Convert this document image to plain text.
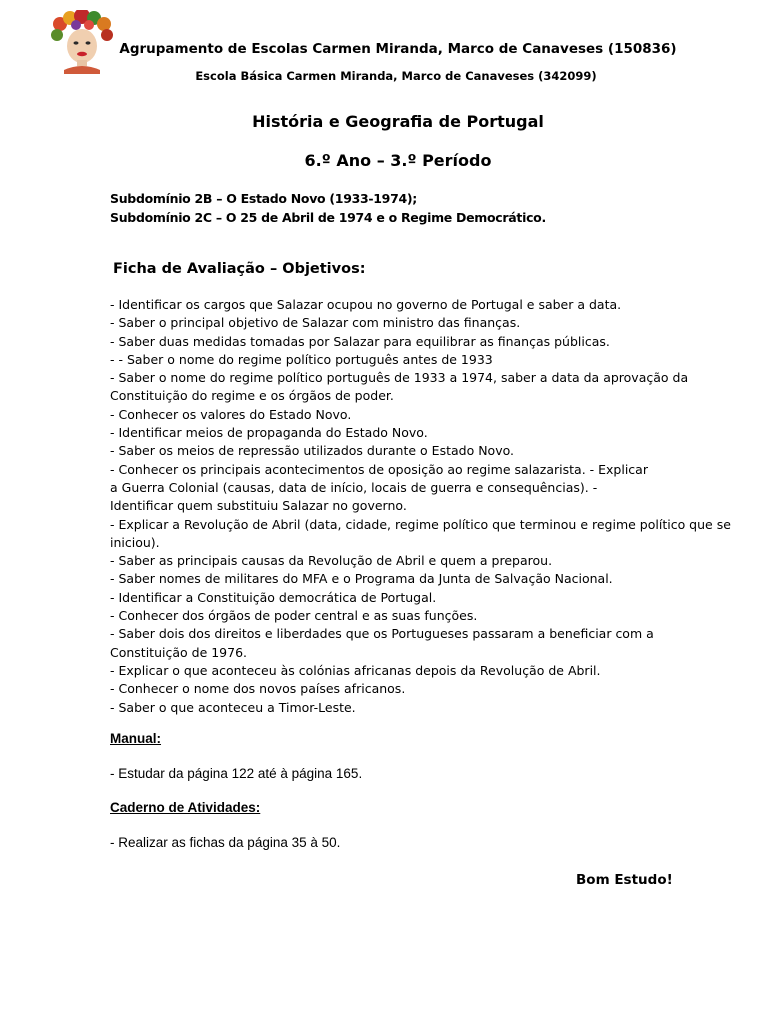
Agrupamento de Escolas Carmen Miranda, Marco de Canaveses (150836)
Escola Básica Carmen Miranda, Marco de Canaveses (342099)
História e Geografia de Portugal
6.º Ano – 3.º Período
Subdomínio 2B – O Estado Novo (1933-1974);
Subdomínio 2C – O 25 de Abril de 1974 e o Regime Democrático.
Ficha de Avaliação – Objetivos:
- Identificar os cargos que Salazar ocupou no governo de Portugal e saber a data.
- Saber o principal objetivo de Salazar com ministro das finanças.
- Saber duas medidas tomadas por Salazar para equilibrar as finanças públicas.
- - Saber o nome do regime político português antes de 1933
- Saber o nome do regime político português de 1933 a 1974, saber a data da aprovação da
Constituição do regime e os órgãos de poder.
- Conhecer os valores do Estado Novo.
- Identificar meios de propaganda do Estado Novo.
- Saber os meios de repressão utilizados durante o Estado Novo.
- Conhecer os principais acontecimentos de oposição ao regime salazarista. - Explicar
a Guerra Colonial (causas, data de início, locais de guerra e consequências). -
Identificar quem substituiu Salazar no governo.
- Explicar a Revolução de Abril (data, cidade, regime político que terminou e regime político que se
iniciou).
- Saber as principais causas da Revolução de Abril e quem a preparou.
- Saber nomes de militares do MFA e o Programa da Junta de Salvação Nacional.
- Identificar a Constituição democrática de Portugal.
- Conhecer dos órgãos de poder central e as suas funções.
- Saber dois dos direitos e liberdades que os Portugueses passaram a beneficiar com a
Constituição de 1976.
- Explicar o que aconteceu às colónias africanas depois da Revolução de Abril.
- Conhecer o nome dos novos países africanos.
- Saber o que aconteceu a Timor-Leste.
Manual:
- Estudar da página 122 até à página 165.
Caderno de Atividades:
- Realizar as fichas da página 35 à 50.
Bom Estudo!
